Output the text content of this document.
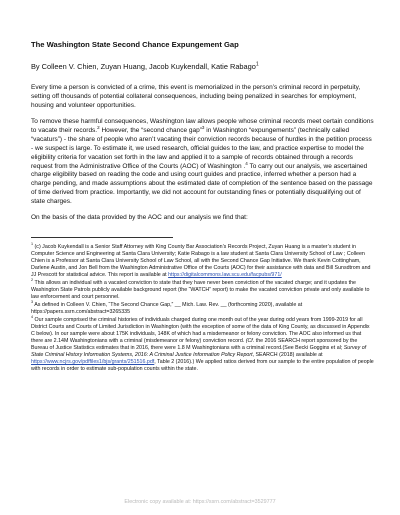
The Washington State Second Chance Expungement Gap
By Colleen V. Chien, Zuyan Huang, Jacob Kuykendall, Katie Rabago$^1$

Every time a person is convicted of a crime, this event is memorialized in the person’s criminal record in perpetuity, setting off thousands of potential collateral consequences, including being penalized in searches for employment, housing and volunteer opportunities.

To remove these harmful consequences, Washington law allows people whose criminal records meet certain conditions to vacate their records.$^2$ However, the “second chance gap”$^3$ in Washington “expungements” (technically called “vacaturs”) - the share of people who aren’t vacating their conviction records because of hurdles in the petition process - we suspect is large. To estimate it, we used research, official guides to the law, and practice expertise to model the eligibility criteria for vacation set forth in the law and applied it to a sample of records obtained through a records request from the Administrative Office of the Courts (AOC) of Washington .$^4$ To carry out our analysis, we ascertained charge eligibility based on reading the code and using court guides and practice, inferred whether a person had a charge pending, and made assumptions about the estimated date of completion of the sentence based on the passage of time derived from practice. Importantly, we did not account for outstanding fines or potentially disqualifying out of state charges.

On the basis of the data provided by the AOC and our analysis we find that:

$^1$ (c) Jacob Kuykendall is a Senior Staff Attorney with King County Bar Association’s Records Project, Zuyan Huang is a master’s student in Computer Science and Engineering at Santa Clara University; Katie Rabago is a law student at Santa Clara University School of Law ; Colleen Chien is a Professor at Santa Clara University School of Law School, all with the Second Chance Gap Initiative. We thank Kevin Cottingham, Darlene Austin, and Jon Bell from the Washington Administrative Office of the Courts (AOC) for their assistance with data and Bill Sunsdtrom and JJ Prescott for statistical advice. This report is available at https://digitalcommons.law.scu.edu/facpubs/971/

$^2$ This allows an individual with a vacated conviction to state that they have never been conviction of the vacated charge; and it updates the Washington State Patrols publicly available background report (the “WATCH” report) to make the vacated conviction private and only available to law enforcement and court personnel.

$^3$ As defined in Colleen V. Chien, “The Second Chance Gap,” __ Mich. Law. Rev. __ (forthcoming 2020), available at https://papers.ssrn.com/abstract=3265335

$^4$ Our sample comprised the criminal histories of individuals charged during one month out of the year during odd years from 1999-2019 for all District Courts and Courts of Limited Jurisdiction in Washington (with the exception of some of the data of King County, as discussed in Appendix C below). In our sample were about 175K individuals, 148K of which had a misdemeanor or felony conviction. The AOC also informed us that there are 2.14M Washingtonians with a criminal (misdemeanor or felony) conviction record. (Cf. the 2016 SEARCH report sponsored by the Bureau of Justice Statistics estimates that in 2016, there were 1.8 M Washingtonians with a criminal record.(See Becki Goggins et al; Survey of State Criminal History Information Systems, 2016: A Criminal Justice Information Policy Report, SEARCH (2018) available at https://www.ncjrs.gov/pdffiles1/bjs/grants/251516.pdf, Table 2 (2016).) We applied ratios derived from our sample to the entire population of people with records in order to estimate sub-population counts within the state.

Electronic copy available at: https://ssrn.com/abstract=3529777
